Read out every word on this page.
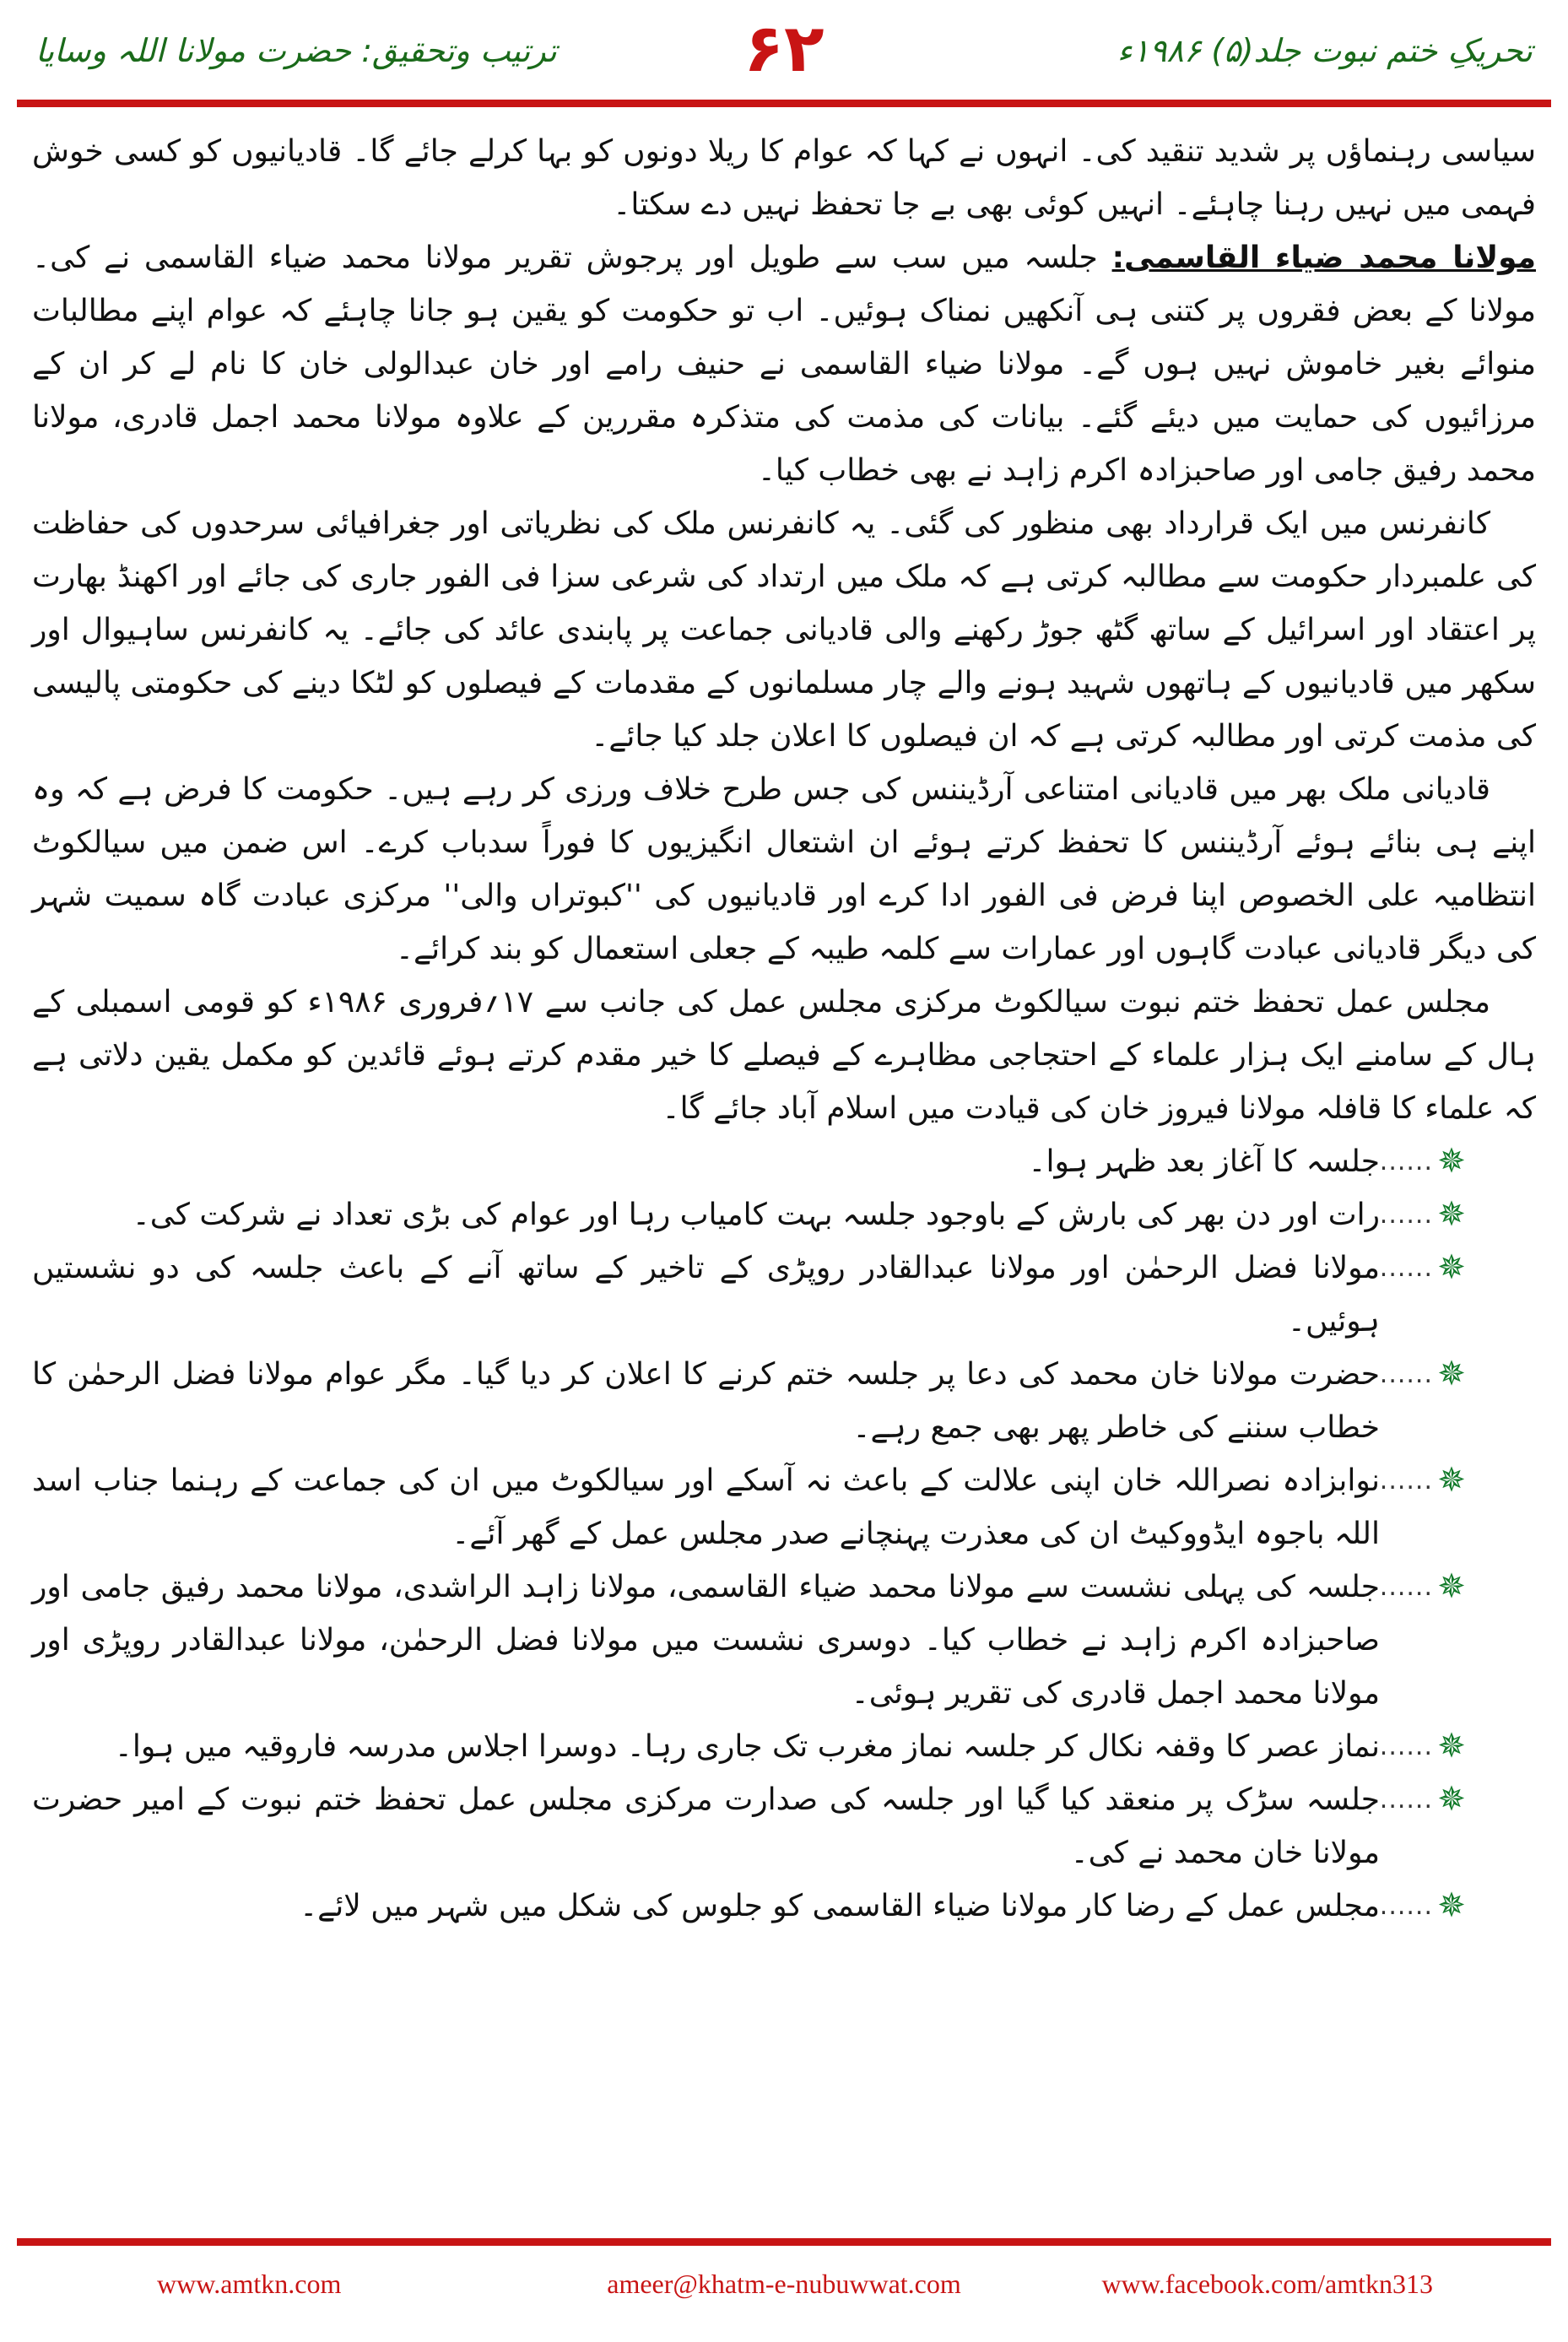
ترتیب وتحقیق: حضرت مولانا اللہ وسایا	۶۲	تحریکِ ختم نبوت جلد(۵) ۱۹۸۶ء

سیاسی رہنماؤں پر شدید تنقید کی۔ انہوں نے کہا کہ عوام کا ریلا دونوں کو بہا کرلے جائے گا۔ قادیانیوں کو کسی خوش فہمی میں نہیں رہنا چاہئے۔ انہیں کوئی بھی بے جا تحفظ نہیں دے سکتا۔

مولانا محمد ضیاء القاسمی: جلسہ میں سب سے طویل اور پرجوش تقریر مولانا محمد ضیاء القاسمی نے کی۔ مولانا کے بعض فقروں پر کتنی ہی آنکھیں نمناک ہوئیں۔ اب تو حکومت کو یقین ہو جانا چاہئے کہ عوام اپنے مطالبات منوائے بغیر خاموش نہیں ہوں گے۔ مولانا ضیاء القاسمی نے حنیف رامے اور خان عبدالولی خان کا نام لے کر ان کے مرزائیوں کی حمایت میں دیئے گئے۔ بیانات کی مذمت کی متذکرہ مقررین کے علاوہ مولانا محمد اجمل قادری، مولانا محمد رفیق جامی اور صاحبزادہ اکرم زاہد نے بھی خطاب کیا۔

کانفرنس میں ایک قرارداد بھی منظور کی گئی۔ یہ کانفرنس ملک کی نظریاتی اور جغرافیائی سرحدوں کی حفاظت کی علمبردار حکومت سے مطالبہ کرتی ہے کہ ملک میں ارتداد کی شرعی سزا فی الفور جاری کی جائے اور اکھنڈ بھارت پر اعتقاد اور اسرائیل کے ساتھ گٹھ جوڑ رکھنے والی قادیانی جماعت پر پابندی عائد کی جائے۔ یہ کانفرنس ساہیوال اور سکھر میں قادیانیوں کے ہاتھوں شہید ہونے والے چار مسلمانوں کے مقدمات کے فیصلوں کو لٹکا دینے کی حکومتی پالیسی کی مذمت کرتی اور مطالبہ کرتی ہے کہ ان فیصلوں کا اعلان جلد کیا جائے۔

قادیانی ملک بھر میں قادیانی امتناعی آرڈیننس کی جس طرح خلاف ورزی کر رہے ہیں۔ حکومت کا فرض ہے کہ وہ اپنے ہی بنائے ہوئے آرڈیننس کا تحفظ کرتے ہوئے ان اشتعال انگیزیوں کا فوراً سدباب کرے۔ اس ضمن میں سیالکوٹ انتظامیہ علی الخصوص اپنا فرض فی الفور ادا کرے اور قادیانیوں کی ''کبوتراں والی'' مرکزی عبادت گاہ سمیت شہر کی دیگر قادیانی عبادت گاہوں اور عمارات سے کلمہ طیبہ کے جعلی استعمال کو بند کرائے۔

مجلس عمل تحفظ ختم نبوت سیالکوٹ مرکزی مجلس عمل کی جانب سے ۱۷؍فروری ۱۹۸۶ء کو قومی اسمبلی کے ہال کے سامنے ایک ہزار علماء کے احتجاجی مظاہرے کے فیصلے کا خیر مقدم کرتے ہوئے قائدین کو مکمل یقین دلاتی ہے کہ علماء کا قافلہ مولانا فیروز خان کی قیادت میں اسلام آباد جائے گا۔

✵
......
جلسہ کا آغاز بعد ظہر ہوا۔
✵
......
رات اور دن بھر کی بارش کے باوجود جلسہ بہت کامیاب رہا اور عوام کی بڑی تعداد نے شرکت کی۔
✵
......
مولانا فضل الرحمٰن اور مولانا عبدالقادر روپڑی کے تاخیر کے ساتھ آنے کے باعث جلسہ کی دو نشستیں ہوئیں۔
✵
......
حضرت مولانا خان محمد کی دعا پر جلسہ ختم کرنے کا اعلان کر دیا گیا۔ مگر عوام مولانا فضل الرحمٰن کا خطاب سننے کی خاطر پھر بھی جمع رہے۔
✵
......
نوابزادہ نصراللہ خان اپنی علالت کے باعث نہ آسکے اور سیالکوٹ میں ان کی جماعت کے رہنما جناب اسد اللہ باجوہ ایڈووکیٹ ان کی معذرت پہنچانے صدر مجلس عمل کے گھر آئے۔
✵
......
جلسہ کی پہلی نشست سے مولانا محمد ضیاء القاسمی، مولانا زاہد الراشدی، مولانا محمد رفیق جامی اور صاحبزادہ اکرم زاہد نے خطاب کیا۔ دوسری نشست میں مولانا فضل الرحمٰن، مولانا عبدالقادر روپڑی اور مولانا محمد اجمل قادری کی تقریر ہوئی۔
✵
......
نماز عصر کا وقفہ نکال کر جلسہ نماز مغرب تک جاری رہا۔ دوسرا اجلاس مدرسہ فاروقیہ میں ہوا۔
✵
......
جلسہ سڑک پر منعقد کیا گیا اور جلسہ کی صدارت مرکزی مجلس عمل تحفظ ختم نبوت کے امیر حضرت مولانا خان محمد نے کی۔
✵
......
مجلس عمل کے رضا کار مولانا ضیاء القاسمی کو جلوس کی شکل میں شہر میں لائے۔
www.amtkn.com	ameer@khatm-e-nubuwwat.com	www.facebook.com/amtkn313
